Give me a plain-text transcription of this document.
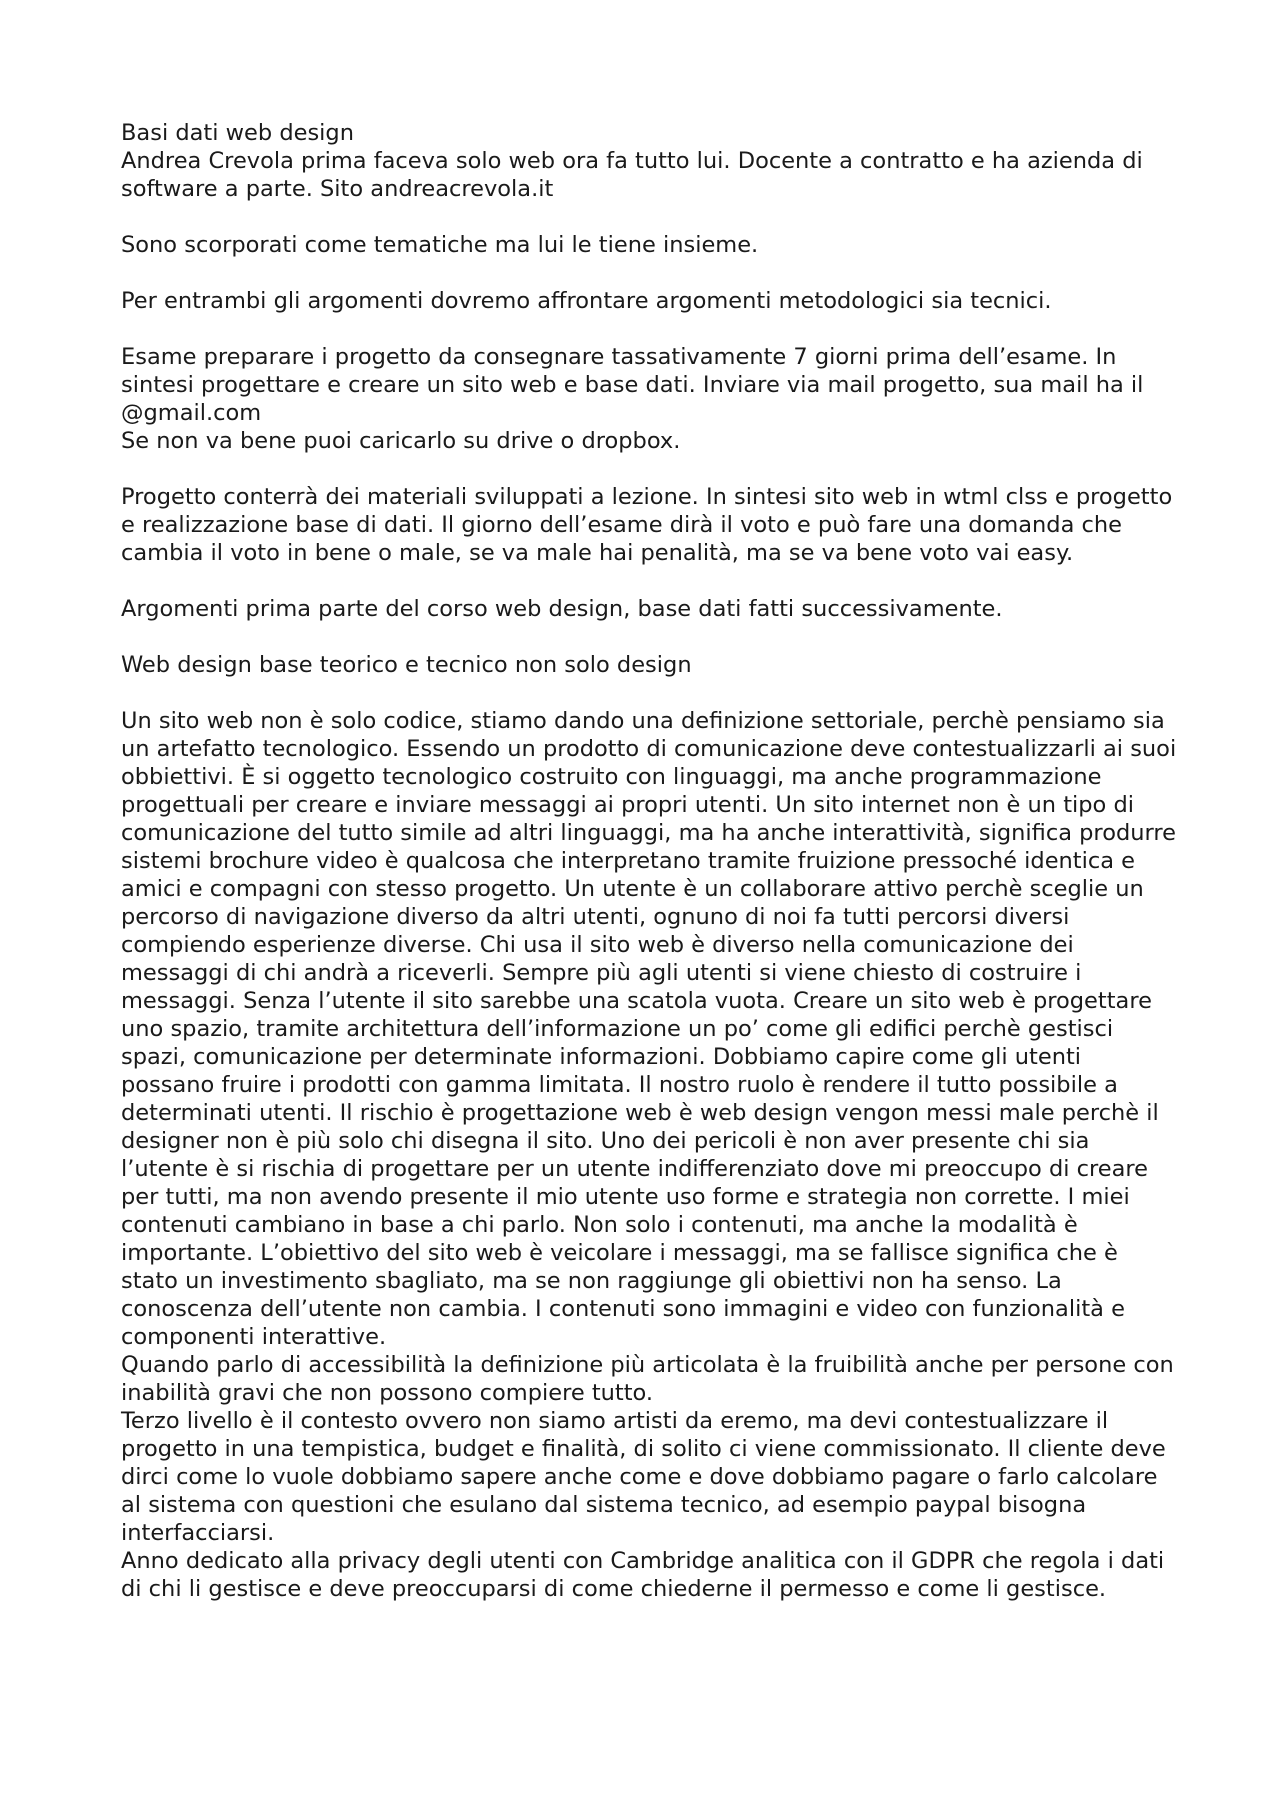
Basi dati web design

Andrea Crevola prima faceva solo web ora fa tutto lui. Docente a contratto e ha azienda di software a parte. Sito andreacrevola.it

Sono scorporati come tematiche ma lui le tiene insieme.

Per entrambi gli argomenti dovremo affrontare argomenti metodologici sia tecnici.

Esame preparare i progetto da consegnare tassativamente 7 giorni prima dell’esame. In sintesi progettare e creare un sito web e base dati. Inviare via mail progetto, sua mail ha il @gmail.com

Se non va bene puoi caricarlo su drive o dropbox.

Progetto conterrà dei materiali sviluppati a lezione. In sintesi sito web in wtml clss e progetto e realizzazione base di dati. Il giorno dell’esame dirà il voto e può fare una domanda che cambia il voto in bene o male, se va male hai penalità, ma se va bene voto vai easy.

Argomenti prima parte del corso web design, base dati fatti successivamente.

Web design base teorico e tecnico non solo design

Un sito web non è solo codice, stiamo dando una definizione settoriale, perchè pensiamo sia un artefatto tecnologico. Essendo un prodotto di comunicazione deve contestualizzarli ai suoi obbiettivi. È si oggetto tecnologico costruito con linguaggi, ma anche programmazione progettuali per creare e inviare messaggi ai propri utenti. Un sito internet non è un tipo di comunicazione del tutto simile ad altri linguaggi, ma ha anche interattività, significa produrre sistemi brochure video è qualcosa che interpretano tramite fruizione pressoché identica e amici e compagni con stesso progetto. Un utente è un collaborare attivo perchè sceglie un percorso di navigazione diverso da altri utenti, ognuno di noi fa tutti percorsi diversi compiendo esperienze diverse. Chi usa il sito web è diverso nella comunicazione dei messaggi di chi andrà a riceverli. Sempre più agli utenti si viene chiesto di costruire i messaggi. Senza l’utente il sito sarebbe una scatola vuota. Creare un sito web è progettare uno spazio, tramite architettura dell’informazione un po’ come gli edifici perchè gestisci spazi, comunicazione per determinate informazioni. Dobbiamo capire come gli utenti possano fruire i prodotti con gamma limitata. Il nostro ruolo è rendere il tutto possibile a determinati utenti. Il rischio è progettazione web è web design vengon messi male perchè il designer non è più solo chi disegna il sito. Uno dei pericoli è non aver presente chi sia l’utente è si rischia di progettare per un utente indifferenziato dove mi preoccupo di creare per tutti, ma non avendo presente il mio utente uso forme e strategia non corrette. I miei contenuti cambiano in base a chi parlo. Non solo i contenuti, ma anche la modalità è importante. L’obiettivo del sito web è veicolare i messaggi, ma se fallisce significa che è stato un investimento sbagliato, ma se non raggiunge gli obiettivi non ha senso. La conoscenza dell’utente non cambia. I contenuti sono immagini e video con funzionalità e componenti interattive.

Quando parlo di accessibilità la definizione più articolata è la fruibilità anche per persone con inabilità gravi che non possono compiere tutto.

Terzo livello è il contesto ovvero non siamo artisti da eremo, ma devi contestualizzare il progetto in una tempistica, budget e finalità, di solito ci viene commissionato. Il cliente deve dirci come lo vuole dobbiamo sapere anche come e dove dobbiamo pagare o farlo calcolare al sistema con questioni che esulano dal sistema tecnico, ad esempio paypal bisogna interfacciarsi.

Anno dedicato alla privacy degli utenti con Cambridge analitica con il GDPR che regola i dati di chi li gestisce e deve preoccuparsi di come chiederne il permesso e come li gestisce.
